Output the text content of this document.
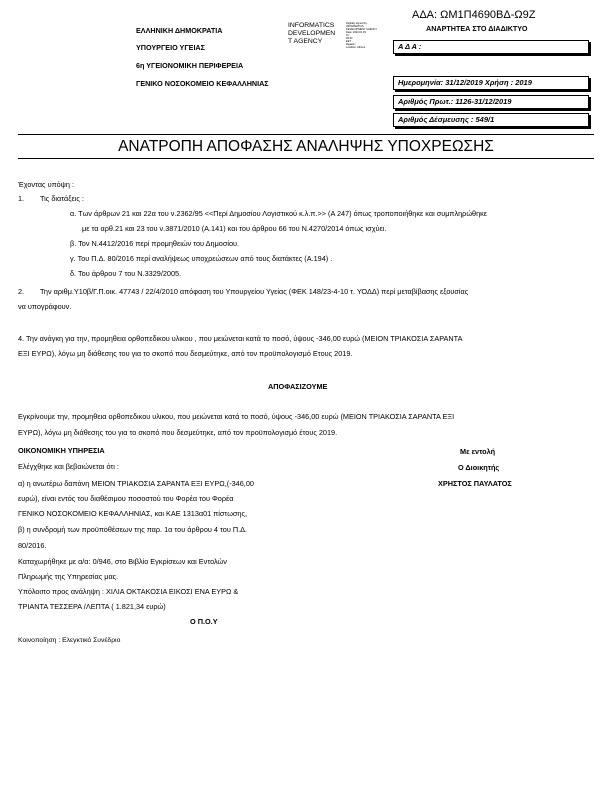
ΑΔΑ: ΩΜ1Π4690ΒΔ-Ω9Ζ
ΑΝΑΡΤΗΤΕΑ ΣΤΟ ΔΙΑΔΙΚΤΥΟ
INFORMATICS
DEVELOPMEN
T AGENCY
Digitally signed by
INFORMATICS
DEVELOPMENT AGENCY
Date: 2020.01.03
11:
06:43
EET
Reason:
Location: Athens
ΕΛΛΗΝΙΚΗ ΔΗΜΟΚΡΑΤΙΑ
ΥΠΟΥΡΓΕΙΟ ΥΓΕΙΑΣ
6η ΥΓΕΙΟΝΟΜΙΚΗ ΠΕΡΙΦΕΡΕΙΑ
ΓΕΝΙΚΟ ΝΟΣΟΚΟΜΕΙΟ ΚΕΦΑΛΛΗΝΙΑΣ
Α Δ Α :
Ημερομηνία: 31/12/2019 Χρήση : 2019
Αριθμός Πρωτ.: 1126-31/12/2019
Αριθμός Δέσμευσης : 549/1
ΑΝΑΤΡΟΠΗ ΑΠΟΦΑΣΗΣ ΑΝΑΛΗΨΗΣ ΥΠΟΧΡΕΩΣΗΣ
Έχοντας υπόψη :
1. Τις διατάξεις :
α. Των άρθρων 21 και 22α του ν.2362/95 <<Περί Δημοσίου Λογιστικού κ.λ.π.>> (Α 247) όπως τροποποιήθηκε και συμπληρώθηκε
με τα αρθ.21 και 23 του ν.3871/2010 (Α.141) και του άρθρου 66 του Ν.4270/2014 όπως ισχύει.
β. Τον Ν.4412/2016 περί προμηθειών του Δημοσίου.
γ. Του Π.Δ. 80/2016 περί αναλήψεως υποχρεώσεων από τους διατάκτες (Α.194) .
δ. Του άρθρου 7 του Ν.3329/2005.
2. Την αριθμ.Υ10β/Γ.Π.οικ. 47743 / 22/4/2010 απόφαση του Υπουργείου Υγείας (ΦΕΚ 148/23-4-10 τ. ΥΟΔΔ) περί μεταβίβασης εξουσίας
να υπογράφουν.
4. Την ανάγκη για την, προμηθεια ορθοπεδικου υλικου , που μειώνεται κατά το ποσό, ύψους -346,00 ευρώ (ΜΕΙΟΝ ΤΡΙΑΚΟΣΙΑ ΣΑΡΑΝΤΑ
ΕΞΙ ΕΥΡΩ), λόγω μη διάθεσης του για το σκοπό που δεσμεύτηκε, από τον προϋπολογισμό Ετους 2019.
ΑΠΟΦΑΣΙΖΟΥΜΕ
Εγκρίνουμε την, προμηθεια ορθοπεδικου υλικου, που μειώνεται κατά το ποσό, ύψους -346,00 ευρώ (ΜΕΙΟΝ ΤΡΙΑΚΟΣΙΑ ΣΑΡΑΝΤΑ ΕΞΙ
ΕΥΡΩ), λόγω μη διάθεσης του για το σκοπό που δεσμεύτηκε, από τον προϋπολογισμό έτους 2019.
ΟΙΚΟΝΟΜΙΚΗ ΥΠΗΡΕΣΙΑ
Ελέγχθηκε και βεβαιώνεται ότι :
α) η ανωτέρω δαπάνη ΜΕΙΟΝ ΤΡΙΑΚΟΣΙΑ ΣΑΡΑΝΤΑ ΕΞΙ ΕΥΡΩ,(-346,00
ευρώ), είναι εντός του διαθέσιμου ποσοστού του Φορέα του Φορέα
ΓΕΝΙΚΟ ΝΟΣΟΚΟΜΕΙΟ ΚΕΦΑΛΛΗΝΙΑΣ, και ΚΑΕ 1313α01 πίστωσης,
β) η συνδρομή των προϋποθέσεων της παρ. 1α του άρθρου 4 του Π.Δ.
80/2016.
Καταχωρήθηκε με α/α: 0/946, στο Βιβλίο Εγκρίσεων και Εντολών
Πληρωμής της Υπηρεσίας μας.
Υπόλοιπο προς ανάληψη : ΧΙΛΙΑ ΟΚΤΑΚΟΣΙΑ ΕΙΚΟΣΙ ΕΝΑ ΕΥΡΩ &
ΤΡΙΑΝΤΑ ΤΕΣΣΕΡΑ /ΛΕΠΤΑ ( 1.821,34 ευρώ)
Ο Π.Ο.Υ
Με εντολή
Ο Διοικητής
ΧΡΗΣΤΟΣ ΠΑΥΛΑΤΟΣ
Κοινοποίηση : Ελεγκτικό Συνέδριο
